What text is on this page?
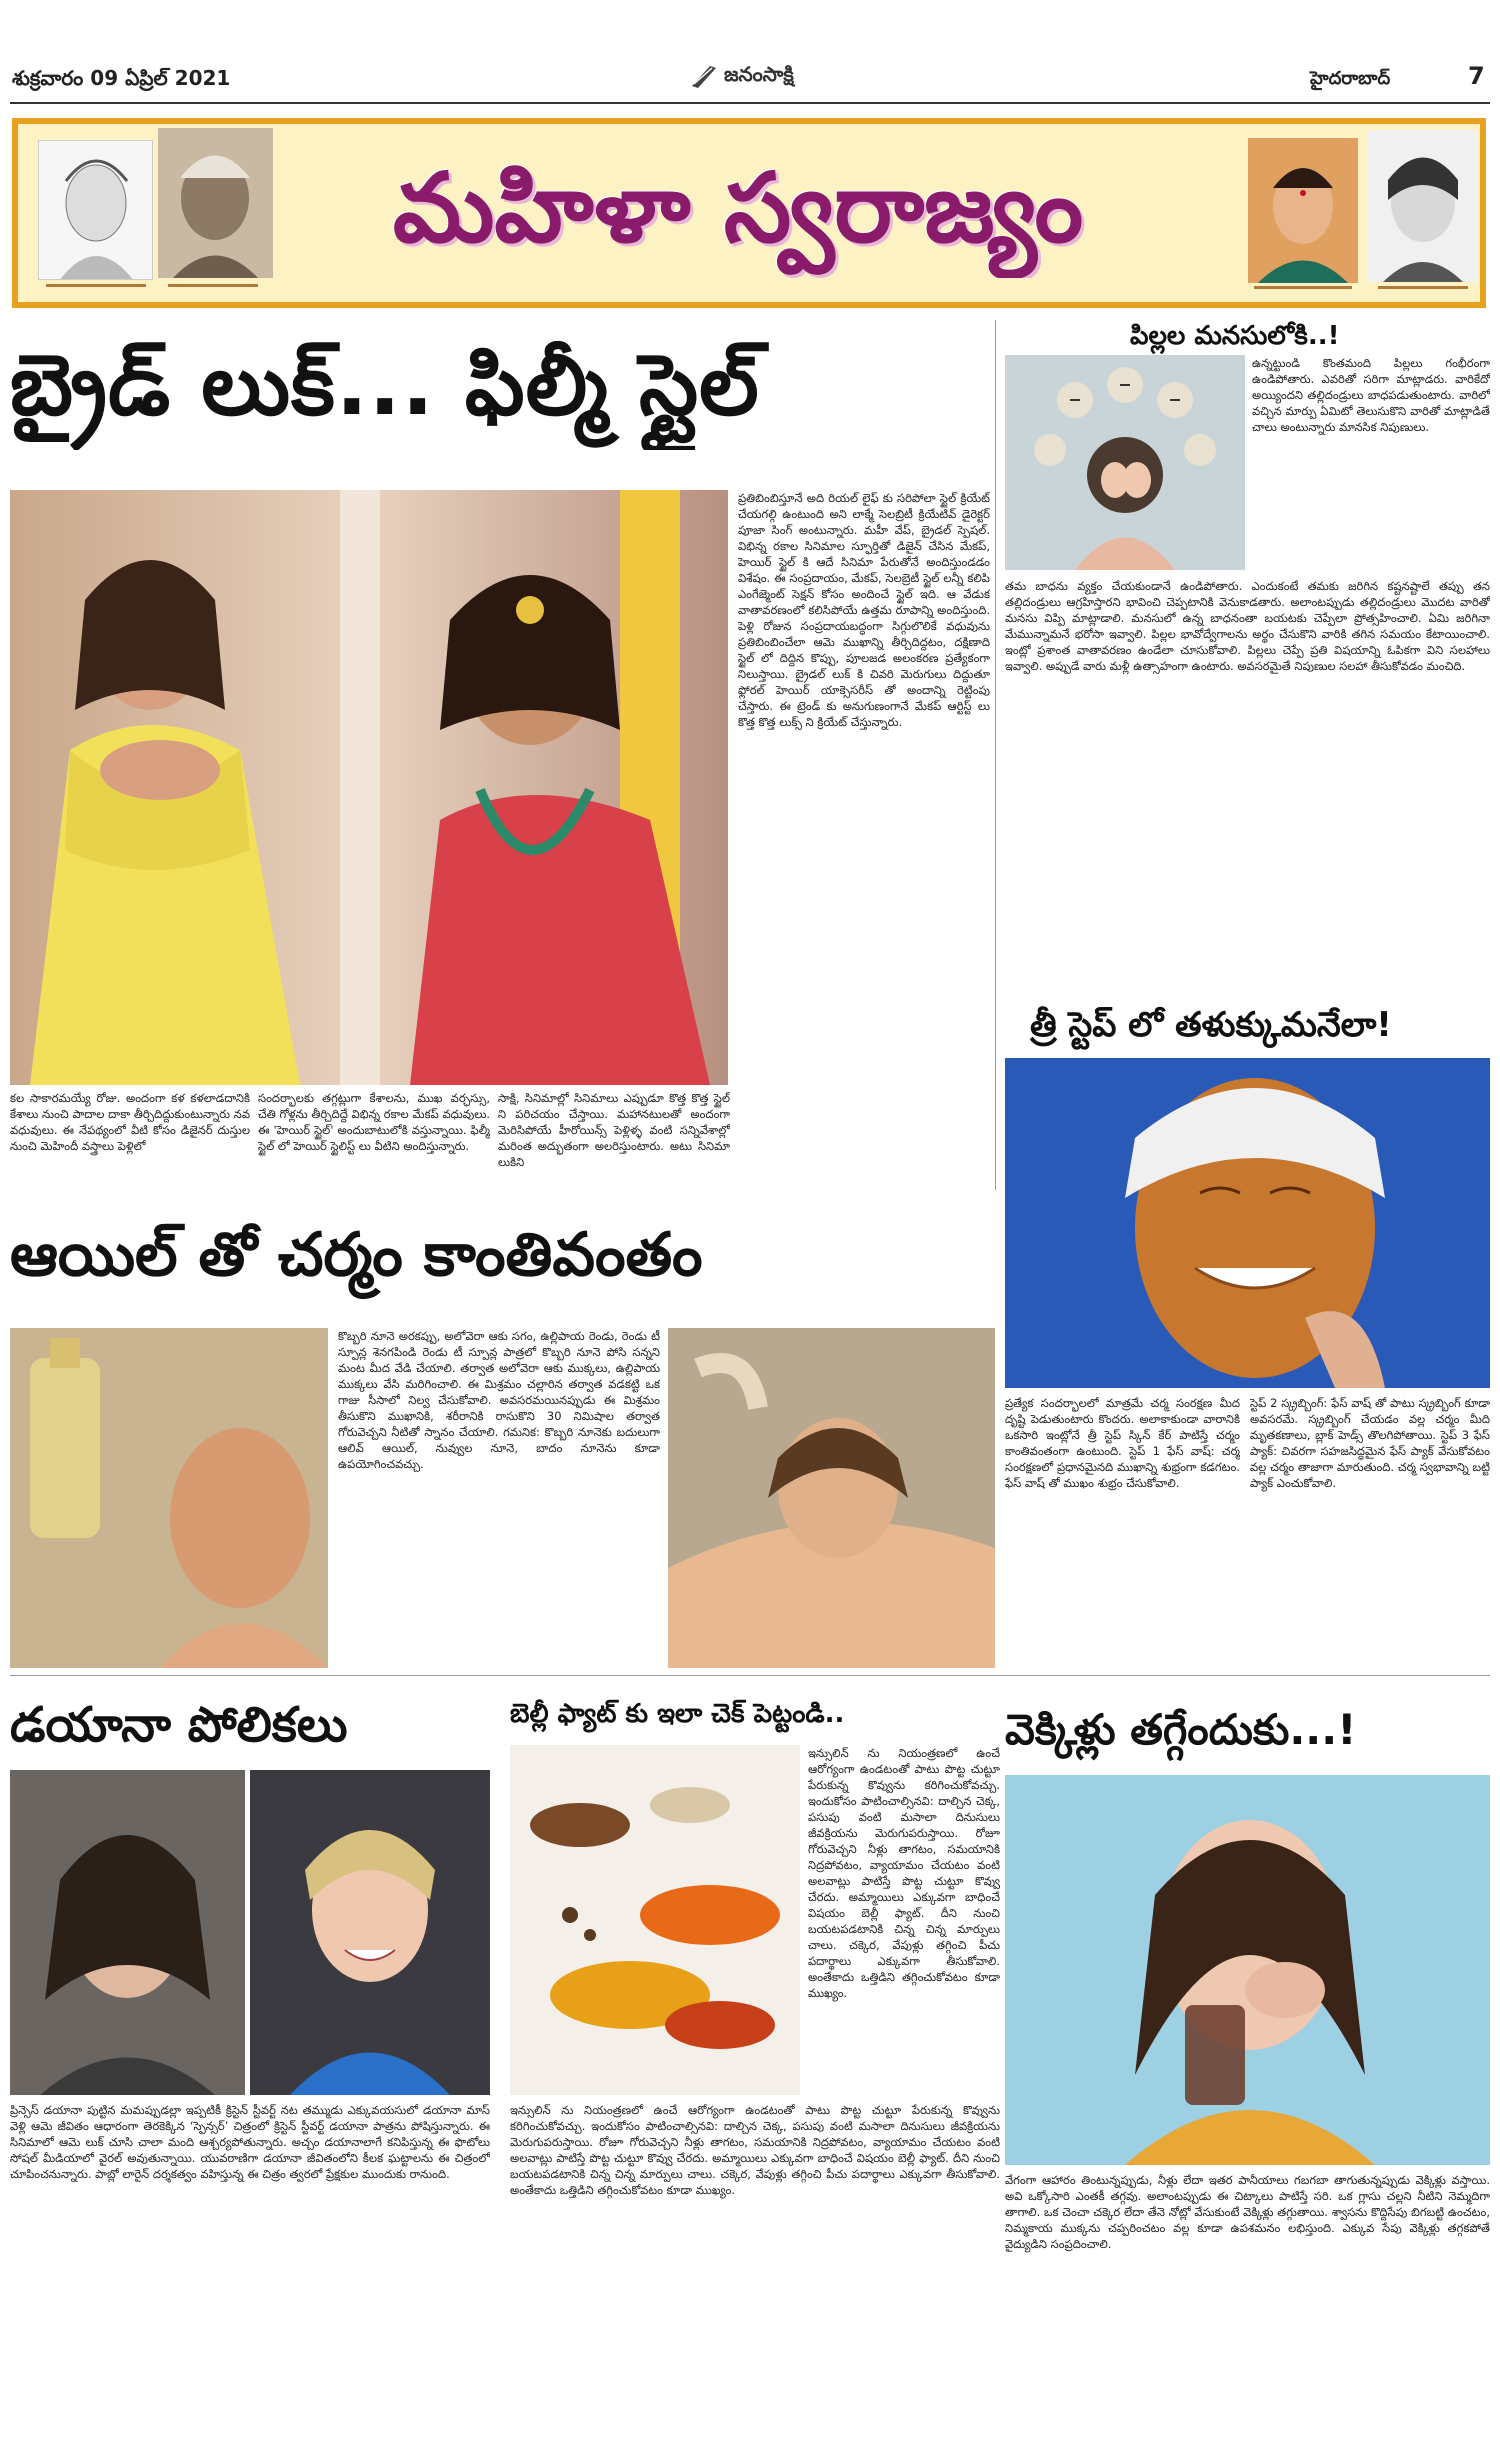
శుక్రవారం 09 ఏప్రిల్ 2021	జనంసాక్షి	హైదరాబాద్	7
మహిళా స్వరాజ్యం
బ్రైడ్ లుక్... ఫిల్మీ స్టైల్
కల సాకారమయ్యే రోజు. అందంగా కళ కళలాడదానికి కేశాలు నుంచి పాదాల దాకా తీర్చిదిద్దుకుంటున్నారు నవ వధువులు. ఈ నేపథ్యంలో వీటి కోసం డిజైనర్ దుస్తుల నుంచి మెహిందీ వస్త్రాలు పెళ్లిలో
సందర్భాలకు తగ్గట్లుగా కేశాలను, ముఖ వర్ఛస్సు, చేతి గోళ్లను తీర్చిదిద్దే విభిన్న రకాల మేకప్ వధువులు. ఈ 'హెయిర్ స్టైల్' అందుబాటులోకి వస్తున్నాయి. ఫిల్మీ స్టైల్ లో హెయిర్ స్టైలిస్ట్ లు వీటిని అందిస్తున్నారు.
సాక్షి, సినిమాల్లో సినిమాలు ఎప్పుడూ కొత్త కొత్త స్టైల్ ని పరిచయం చేస్తాయి. మహానటులతో అందంగా మెరిసిపోయే హీరోయిన్స్ పెళ్లిళ్ళ వంటి సన్నివేశాల్లో మరింత అద్భుతంగా అలరిస్తుంటారు. అటు సినిమా లుకిని
ప్రతిబింబిస్తూనే అది రియల్ లైఫ్ కు సరిపోలా స్టైల్ క్రియేట్ చేయగల్గి ఉంటుంది అని లాక్మే సెలబ్రిటీ క్రియేటివ్ డైరెక్టర్ పూజా సింగ్ అంటున్నారు. మహీ వేప్, బ్రైడల్ స్పెషల్. విభిన్న రకాల సినిమాల స్ఫూర్తితో డిజైన్ చేసిన మేకప్, హెయిర్ స్టైల్ కి ఆదే సినిమా పేరుతోనే అందిస్తుండడం విశేషం. ఈ సంప్రదాయం, మేకప్, సెలబ్రెటీ స్టైల్ లన్నీ కలిపి ఎంగేజ్మెంట్ సెక్షన్ కోసం అందించే స్టైల్ ఇది. ఆ వేడుక వాతావరణంలో కలిసిపోయే ఉత్తమ రూపాన్ని అందిస్తుంది. పెళ్లి రోజున సంప్రదాయబద్ధంగా సిగ్గులొలికే వధువును ప్రతిబింబించేలా ఆమె ముఖాన్ని తీర్చిదిద్దటం, దక్షిణాది స్టైల్ లో దిద్దిన కొప్పు, పూలజడ అలంకరణ ప్రత్యేకంగా నిలుస్తాయి. బ్రైడల్ లుక్ కి చివరి మెరుగులు దిద్దుతూ ఫ్లోరల్ హెయిర్ యాక్సెసరీస్ తో అందాన్ని రెట్టింపు చేస్తారు. ఈ ట్రెండ్ కు అనుగుణంగానే మేకప్ ఆర్టిస్ట్ లు కొత్త కొత్త లుక్స్ ని క్రియేట్ చేస్తున్నారు.
పిల్లల మనసులోకి..!
ఉన్నట్టుండి కొంతమంది పిల్లలు గంభీరంగా ఉండిపోతారు. ఎవరితో సరిగా మాట్లాడరు. వారికేదో అయ్యిందని తల్లిదండ్రులు బాధపడుతుంటారు. వారిలో వచ్చిన మార్పు ఏమిటో తెలుసుకొని వారితో మాట్లాడితే చాలు అంటున్నారు మానసిక నిపుణులు.
తమ బాధను వ్యక్తం చేయకుండానే ఉండిపోతారు. ఎందుకంటే తమకు జరిగిన కష్టనష్టాలే తప్పు తన తల్లిదండ్రులు ఆగ్రహిస్తారని భావించి చెప్పటానికి వెనుకాడతారు. అలాంటప్పుడు తల్లిదండ్రులు మొదట వారితో మనసు విప్పి మాట్లాడాలి. మనసులో ఉన్న బాధనంతా బయటకు చెప్పేలా ప్రోత్సహించాలి. ఏమి జరిగినా మేమున్నామనే భరోసా ఇవ్వాలి. పిల్లల భావోద్వేగాలను అర్థం చేసుకొని వారికి తగిన సమయం కేటాయించాలి. ఇంట్లో ప్రశాంత వాతావరణం ఉండేలా చూసుకోవాలి. పిల్లలు చెప్పే ప్రతి విషయాన్ని ఓపికగా విని సలహాలు ఇవ్వాలి. అప్పుడే వారు మళ్లీ ఉత్సాహంగా ఉంటారు. అవసరమైతే నిపుణుల సలహా తీసుకోవడం మంచిది.
త్రీ స్టెప్ లో తళుక్కుమనేలా!
ప్రత్యేక సందర్భాలలో మాత్రమే చర్మ సంరక్షణ మీద దృష్టి పెడుతుంటారు కొందరు. అలాకాకుండా వారానికి ఒకసారి ఇంట్లోనే త్రీ స్టెప్ స్కిన్ కేర్ పాటిస్తే చర్మం కాంతివంతంగా ఉంటుంది. స్టెప్ 1 ఫేస్ వాష్: చర్మ సంరక్షణలో ప్రధానమైనది ముఖాన్ని శుభ్రంగా కడగటం. ఫేస్ వాష్ తో ముఖం శుభ్రం చేసుకోవాలి.
స్టెప్ 2 స్క్రబ్బింగ్: ఫేస్ వాష్ తో పాటు స్క్రబ్బింగ్ కూడా అవసరమే. స్క్రబ్బింగ్ చేయడం వల్ల చర్మం మీది మృతకణాలు, బ్లాక్ హెడ్స్ తొలగిపోతాయి. స్టెప్ 3 ఫేస్ ప్యాక్: చివరగా సహజసిద్ధమైన ఫేస్ ప్యాక్ వేసుకోవటం వల్ల చర్మం తాజాగా మారుతుంది. చర్మ స్వభావాన్ని బట్టి ప్యాక్ ఎంచుకోవాలి.
ఆయిల్ తో చర్మం కాంతివంతం
కొబ్బరి నూనె అరకప్పు, అలోవెరా ఆకు సగం, ఉల్లిపాయ రెండు, రెండు టీ స్పూన్ల శెనగపిండి రెండు టీ స్పూన్ల పాత్రలో కొబ్బరి నూనె పోసి సన్నని మంట మీద వేడి చేయాలి. తర్వాత అలోవెరా ఆకు ముక్కలు, ఉల్లిపాయ ముక్కలు వేసి మరిగించాలి. ఈ మిశ్రమం చల్లారిన తర్వాత వడకట్టి ఒక గాజు సీసాలో నిల్వ చేసుకోవాలి. అవసరమయినప్పుడు ఈ మిశ్రమం తీసుకొని ముఖానికి, శరీరానికి రాసుకొని 30 నిమిషాల తర్వాత గోరువెచ్చని నీటితో స్నానం చేయాలి. గమనిక: కొబ్బరి నూనెకు బదులుగా ఆలివ్ ఆయిల్, నువ్వుల నూనె, బాదం నూనెను కూడా ఉపయోగించవచ్చు.
డయానా పోలికలు
ప్రిన్సెస్ డయానా పుట్టిన మమప్పుడల్లా ఇప్పటికీ క్రిస్టెన్ స్టీవర్ట్ నట తమ్ముడు ఎక్కువయసులో డయానా మాస్ వెళ్లి ఆమె జీవితం ఆధారంగా తెరకెక్కిన ‘స్పెన్సర్’ చిత్రంలో క్రిస్టెన్ స్టీవర్ట్ డయానా పాత్రను పోషిస్తున్నారు. ఈ సినిమాలో ఆమె లుక్ చూసి చాలా మంది ఆశ్చర్యపోతున్నారు. అచ్చం డయానాలాగే కనిపిస్తున్న ఈ ఫొటోలు సోషల్ మీడియాలో వైరల్ అవుతున్నాయి. యువరాణిగా డయానా జీవితంలోని కీలక ఘట్టాలను ఈ చిత్రంలో చూపించనున్నారు. పాబ్లో లారైన్ దర్శకత్వం వహిస్తున్న ఈ చిత్రం త్వరలో ప్రేక్షకుల ముందుకు రానుంది.
బెల్లీ ఫ్యాట్ కు ఇలా చెక్ పెట్టండి..
ఇన్సులిన్ ను నియంత్రణలో ఉంచే ఆరోగ్యంగా ఉండటంతో పాటు పొట్ట చుట్టూ పేరుకున్న కొవ్వును కరిగించుకోవచ్చు. ఇందుకోసం పాటించాల్సినవి: దాల్చిన చెక్క, పసుపు వంటి మసాలా దినుసులు జీవక్రియను మెరుగుపరుస్తాయి. రోజూ గోరువెచ్చని నీళ్లు తాగటం, సమయానికి నిద్రపోవటం, వ్యాయామం చేయటం వంటి అలవాట్లు పాటిస్తే పొట్ట చుట్టూ కొవ్వు చేరదు. అమ్మాయిలు ఎక్కువగా బాధించే విషయం బెల్లీ ఫ్యాట్. దీని నుంచి బయటపడటానికి చిన్న చిన్న మార్పులు చాలు. చక్కెర, వేపుళ్లు తగ్గించి పీచు పదార్థాలు ఎక్కువగా తీసుకోవాలి. అంతేకాదు ఒత్తిడిని తగ్గించుకోవటం కూడా ముఖ్యం.
ఇన్సులిన్ ను నియంత్రణలో ఉంచే ఆరోగ్యంగా ఉండటంతో పాటు పొట్ట చుట్టూ పేరుకున్న కొవ్వును కరిగించుకోవచ్చు. ఇందుకోసం పాటించాల్సినవి: దాల్చిన చెక్క, పసుపు వంటి మసాలా దినుసులు జీవక్రియను మెరుగుపరుస్తాయి. రోజూ గోరువెచ్చని నీళ్లు తాగటం, సమయానికి నిద్రపోవటం, వ్యాయామం చేయటం వంటి అలవాట్లు పాటిస్తే పొట్ట చుట్టూ కొవ్వు చేరదు. అమ్మాయిలు ఎక్కువగా బాధించే విషయం బెల్లీ ఫ్యాట్. దీని నుంచి బయటపడటానికి చిన్న చిన్న మార్పులు చాలు. చక్కెర, వేపుళ్లు తగ్గించి పీచు పదార్థాలు ఎక్కువగా తీసుకోవాలి. అంతేకాదు ఒత్తిడిని తగ్గించుకోవటం కూడా ముఖ్యం.
వెక్కిళ్లు తగ్గేందుకు...!
వేగంగా ఆహారం తింటున్నప్పుడు, నీళ్లు లేదా ఇతర పానీయాలు గబగబా తాగుతున్నప్పుడు వెక్కిళ్లు వస్తాయి. అవి ఒక్కోసారి ఎంతకీ తగ్గవు. అలాంటప్పుడు ఈ చిట్కాలు పాటిస్తే సరి. ఒక గ్లాసు చల్లని నీటిని నెమ్మదిగా తాగాలి. ఒక చెంచా చక్కెర లేదా తేనె నోట్లో వేసుకుంటే వెక్కిళ్లు తగ్గుతాయి. శ్వాసను కొద్దిసేపు బిగబట్టి ఉంచటం, నిమ్మకాయ ముక్కను చప్పరించటం వల్ల కూడా ఉపశమనం లభిస్తుంది. ఎక్కువ సేపు వెక్కిళ్లు తగ్గకపోతే వైద్యుడిని సంప్రదించాలి.
